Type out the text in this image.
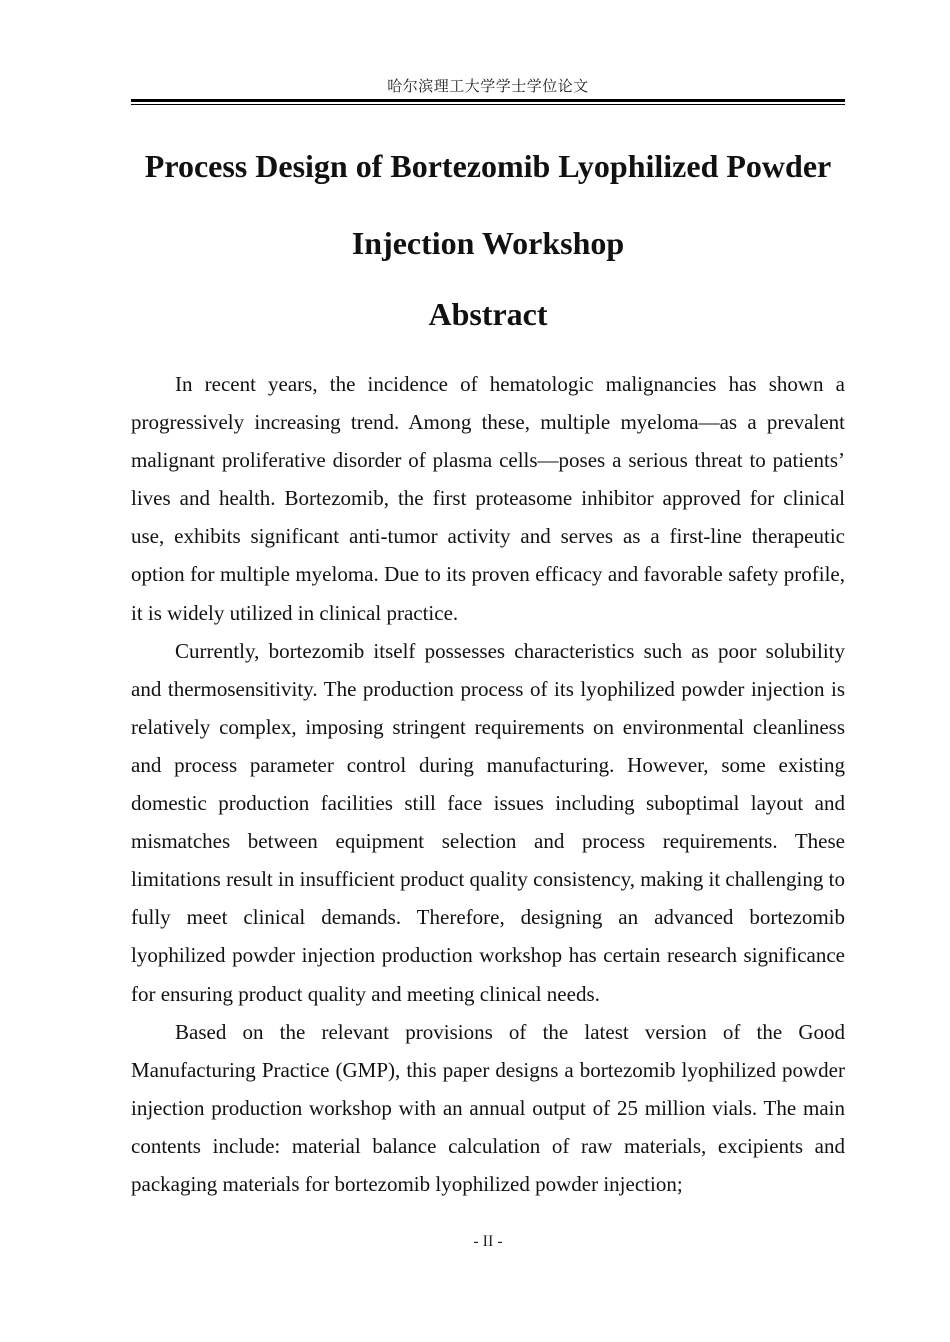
哈尔滨理工大学学士学位论文
Process Design of Bortezomib Lyophilized Powder Injection Workshop
Abstract

In recent years, the incidence of hematologic malignancies has shown a progressively increasing trend. Among these, multiple myeloma—as a prevalent malignant proliferative disorder of plasma cells—poses a serious threat to patients’ lives and health. Bortezomib, the first proteasome inhibitor approved for clinical use, exhibits significant anti-tumor activity and serves as a first-line therapeutic option for multiple myeloma. Due to its proven efficacy and favorable safety profile, it is widely utilized in clinical practice.

Currently, bortezomib itself possesses characteristics such as poor solubility and thermosensitivity. The production process of its lyophilized powder injection is relatively complex, imposing stringent requirements on environmental cleanliness and process parameter control during manufacturing. However, some existing domestic production facilities still face issues including suboptimal layout and mismatches between equipment selection and process requirements. These limitations result in insufficient product quality consistency, making it challenging to fully meet clinical demands. Therefore, designing an advanced bortezomib lyophilized powder injection production workshop has certain research significance for ensuring product quality and meeting clinical needs.

Based on the relevant provisions of the latest version of the Good Manufacturing Practice (GMP), this paper designs a bortezomib lyophilized powder injection production workshop with an annual output of 25 million vials. The main contents include: material balance calculation of raw materials, excipients and packaging materials for bortezomib lyophilized powder injection;

- II -
